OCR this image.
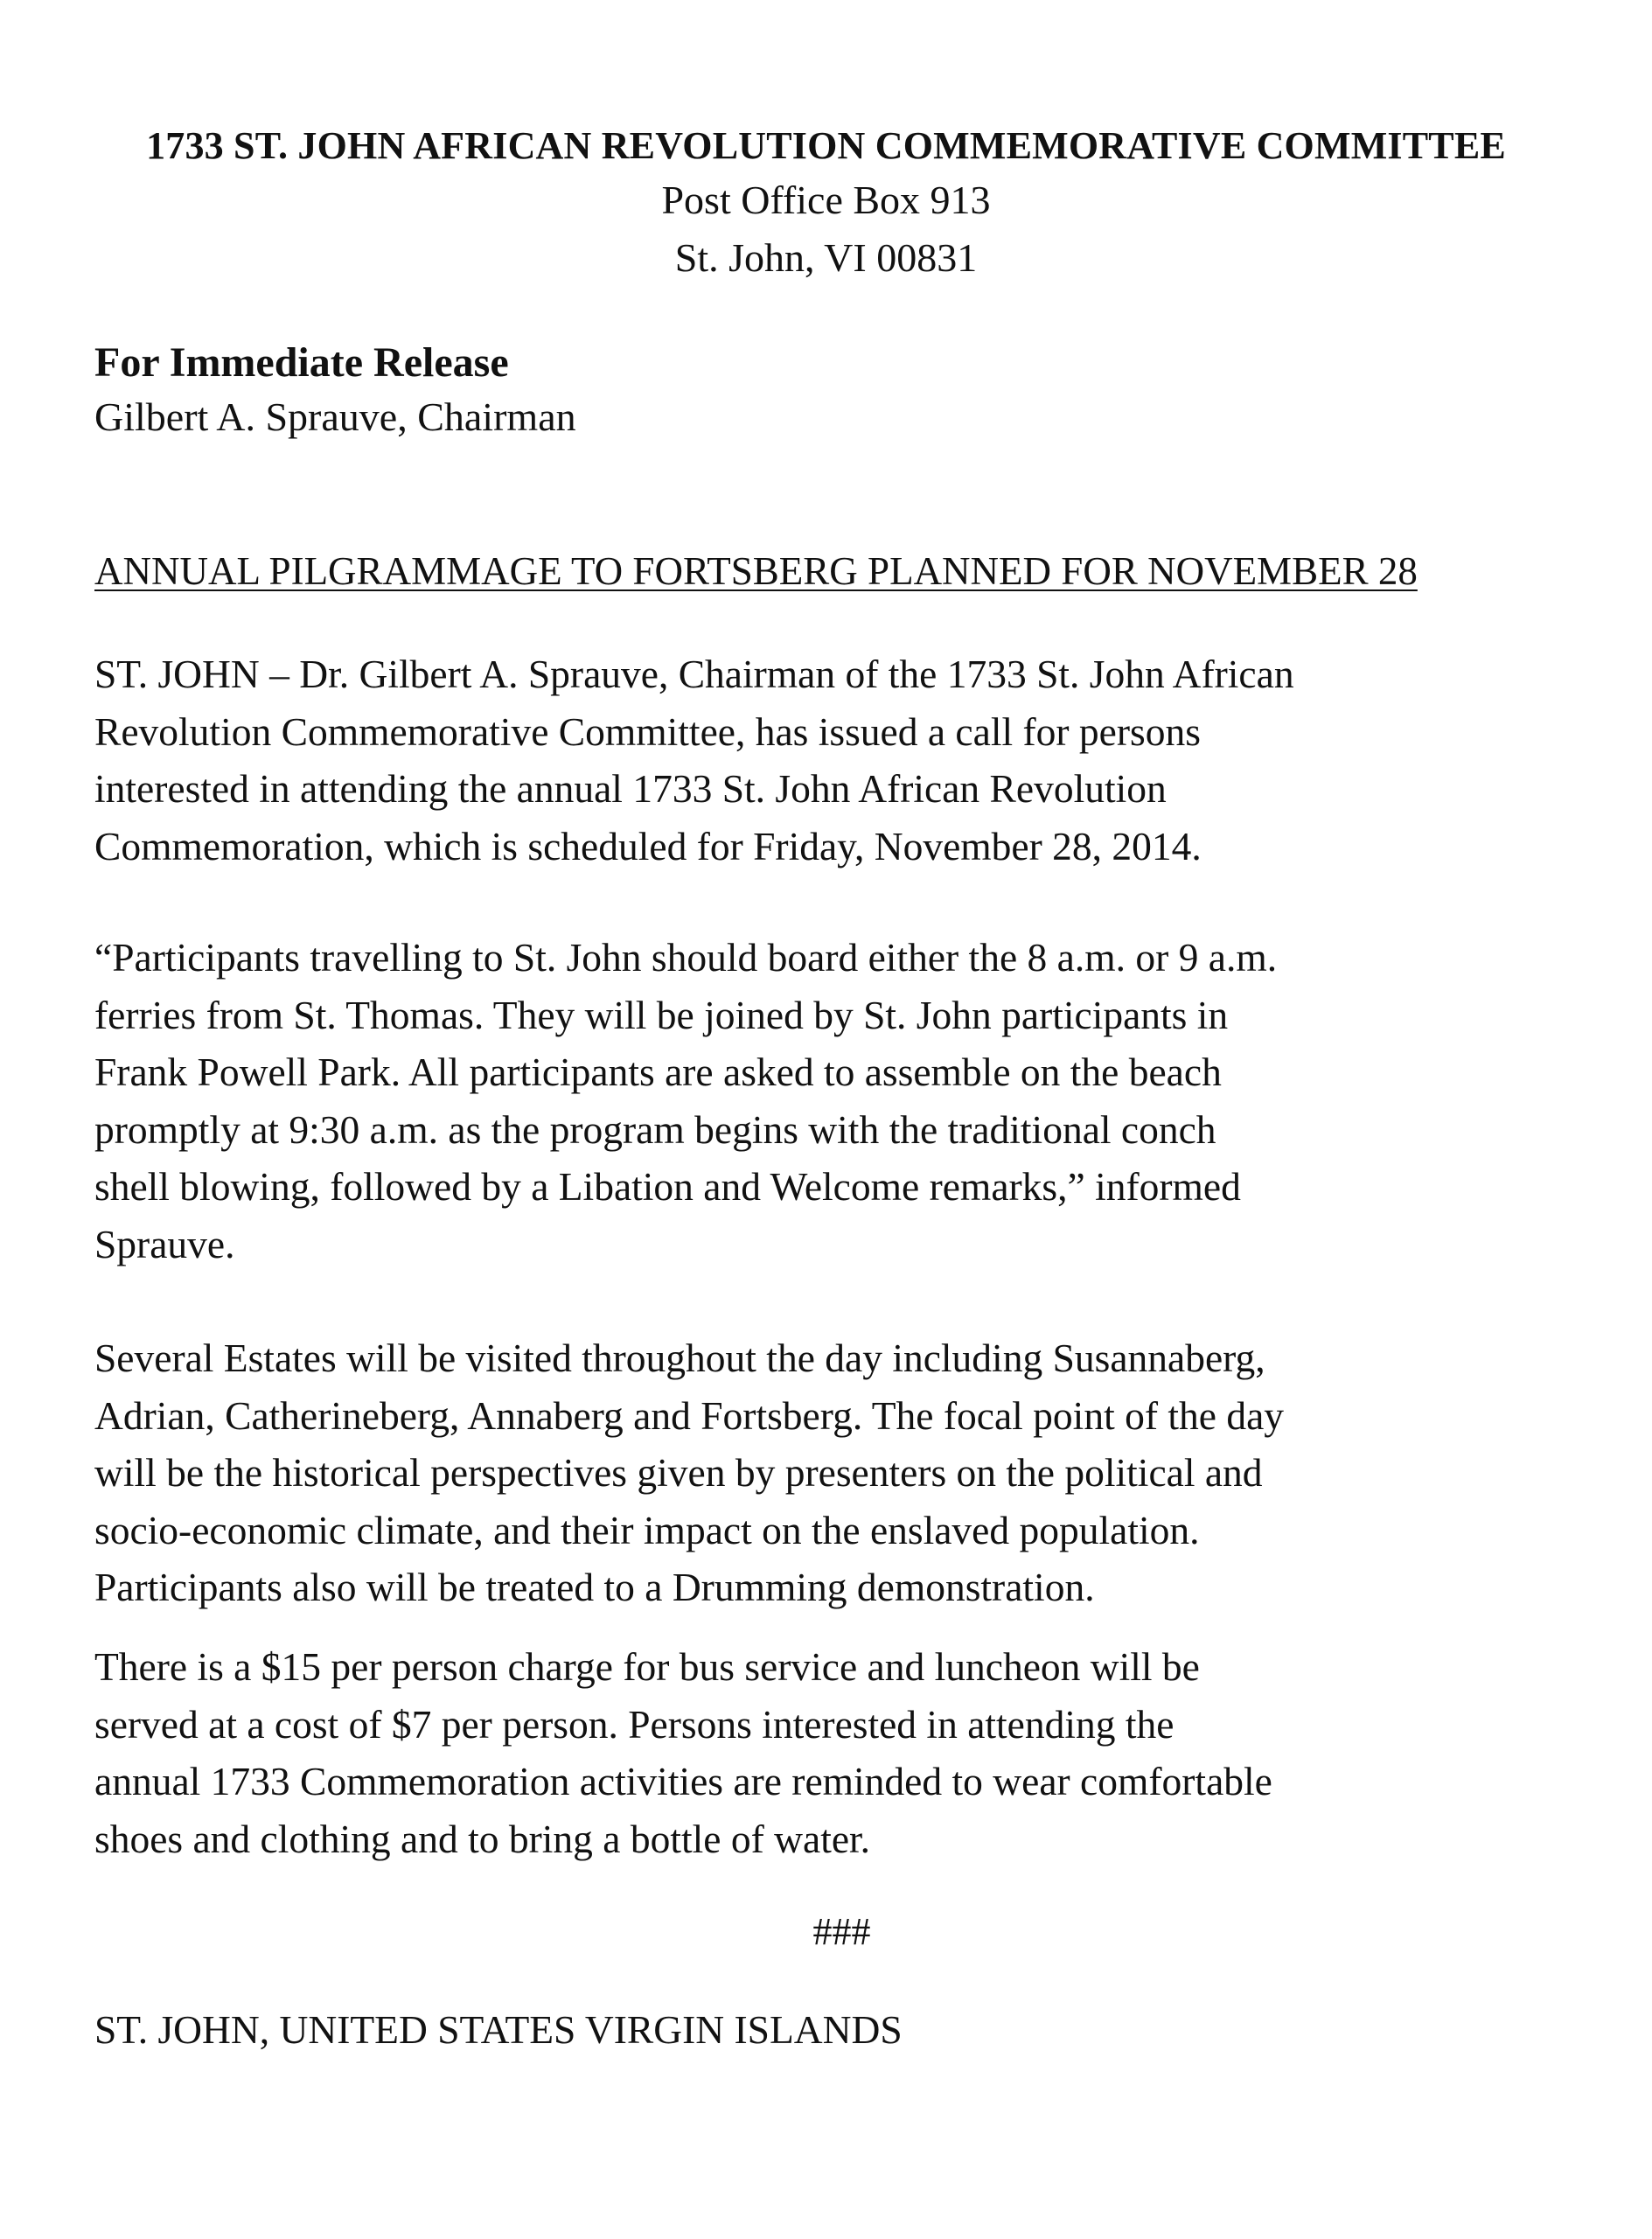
1733 ST. JOHN AFRICAN REVOLUTION COMMEMORATIVE COMMITTEE
Post Office Box 913
St. John, VI 00831
For Immediate Release
Gilbert A. Sprauve, Chairman
ANNUAL PILGRAMMAGE TO FORTSBERG PLANNED FOR NOVEMBER 28
ST. JOHN – Dr. Gilbert A. Sprauve, Chairman of the 1733 St. John African
Revolution Commemorative Committee, has issued a call for persons
interested in attending the annual 1733 St. John African Revolution
Commemoration, which is scheduled for Friday, November 28, 2014.
“Participants travelling to St. John should board either the 8 a.m. or 9 a.m.
ferries from St. Thomas. They will be joined by St. John participants in
Frank Powell Park. All participants are asked to assemble on the beach
promptly at 9:30 a.m. as the program begins with the traditional conch
shell blowing, followed by a Libation and Welcome remarks,” informed
Sprauve.
Several Estates will be visited throughout the day including Susannaberg,
Adrian, Catherineberg, Annaberg and Fortsberg. The focal point of the day
will be the historical perspectives given by presenters on the political and
socio-economic climate, and their impact on the enslaved population.
Participants also will be treated to a Drumming demonstration.
There is a $15 per person charge for bus service and luncheon will be
served at a cost of $7 per person. Persons interested in attending the
annual 1733 Commemoration activities are reminded to wear comfortable
shoes and clothing and to bring a bottle of water.
###
ST. JOHN, UNITED STATES VIRGIN ISLANDS
